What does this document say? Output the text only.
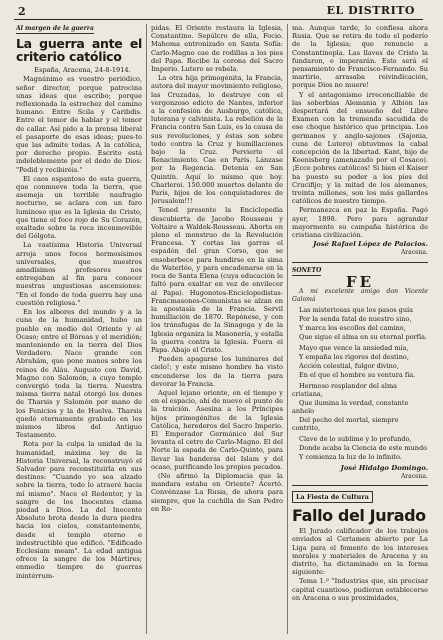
2	EL DISTRITO
Al margen de la guerra
La guerra ante el criterio católico

España, Aracena, 24-8-1914.

Magnánimo es vuestro periódico, señor director, porque patrocina unas ideas que escribo; porque reflexionada la estrechez del camino humano. Entre Scila y Caribdis. Entre el temor de hablar y el temor de callar. Así pido a la prensa liberal el pasaporte de esas ideas; pues-to que las admite todas. A la católica, por derecho propio. Escrito está indeleblemente por el dedo de Dios: "Pedid y recibiréis."

El caos espantoso de esta guerra, que conmueve toda la tierra, que asemeja un terrible naufragio nocturno, se aclara con un faro luminoso que es la Iglesia de Cristo, que tiene el foco rojo de Su Corazón, exaltado sobre la roca inconmovible del Gólgota.

La vastísima Historia Universal arroja unos focos hermosísimos universales, que nuestros amadísimos profesores nos entregaban al fin para conocer nuestras angustiosas ascensiones: "En el fondo de toda guerra hay una cuestión religiosa."

En los albores del mundo y a la cuna de la humanidad, hubo un pueblo en medio del Oriente y el Ocaso; entre el Bóreas y el meridión; manteniendo en la tierra del Dios Verdadero. Nace grande con Abrahám, que pone manos sobre los reinos de Aláu. Augusto con David, Magno con Salomón, a cuyo templo convergió toda la tierra. Nuestra misma tierra natal otorgó los dones de Tharsis y Salomón por mano de los Fenicios y la de Huelva. Tharsis quedó eternamente grabado en los mismos libros del Antiguo Testamento.

Rota por la culpa la unidad de la humanidad, máxima ley de la Historia Universal, la reconstruyó el Salvador para reconstituirla en sus destinos: "Cuando yo sea alzado sobre la tierra, todo lo atraeré hacia mí mismo". Nace el Redentor, y la sangre de los Inocentes clama piedad a Dios. La del Inocente Absoluto brota desde la dura piedra hacia los cielos, constantemente, desde el templo eterno e indestructible que edificó. "Edificado Ecclesiam meam". La edad antigua ofrece la sangre de los Mártires; enmedio tiempre de guerras inintérrum-

pidas. El Oriente restaura la Iglesia, Constantino. Sepúlcro de ella, Focio. Mahoma entronizado en Santa Sofía: Carlo-Magno cae de rodillas a los pies del Papa. Recibe la corona del Sacro Imperio. Lutero se rebela.

La otra hija primogénita, la Francia, autora del mayor movimiento religioso, las Cruzadas, lo destruye con el vergonzoso edicto de Nantes, inferior a la confesión de Ausburgo, católica, luterana y calvinista. La rebelión de la Francia contra San Luis, es la causa de sus revoluciones, y éstas son sobre todo contra la Cruz y humillaciones bajo la Cruz. Pervierte el Renacimiento. Cae en París. Lánzase por la Regencia. Detenía en San Quintín. Aquí lo mismo que hoy. Charleroi. 150.000 muertos delante de París, hijos de los conquistadores de Jerusalem!!!

Tened presente la Enciclopedia descubierta de Jacobo Rousseau y Voltaire a Waldek-Rousseau. Aborta en pleno el monstruo de la Revolución Francesa. Y cortas las garras el espadón del gran Corso, que se ensoberbece para hundirse en la sima de Waterlóo, y para encadenarse en la roca de Santa Elena (cuya educación le faltó para exaltar en vez de envilecer al Papa). Hugonotes-Enciclopedistas-Francmasones-Comunistas se alzan en la apostasía de la Francia. Servil humillación de 1870. Repónese, y con los tránsfugas de la Sinagoga y de la Iglesia organiza la Masonería, y estalla la guerra contra la Iglesia. Fuera el Papa. Abajo el Cristo.

Pueden apagarse los luminares del cielo!; y este mismo hombre ha visto encenderse los de la tierra para devorar la Francia.

Aquel lejano oriente, en el tiempo y en el espacio, ahí de nuevo el punto de la traición. Asesina a los Príncipes hijos primogénitos de la Iglesia Católica, herederos del Sacro Imperio. El Emperador Germánico del Sur levanta el cetro de Carlo-Magno. El del Norte la espada de Carlo-Quinto, para llevar las banderas del Islam y del ocaso, purificando los propios pecados.

(No afirmó la Diplomacia que la mandara estaba en Oriente? Acertó. Convénzase La Rusia, de ahora para siempre, que la cuchilla de San Pedro en Ro-

ma. Aunque tarde, lo confiesa ahora Rusia. Que se retira de todo el poderío de la Iglesia; que renuncie a Constantinopla. Las llaves de Cristo la fundaron, e imperarán. Este será el pensamiento de Francisco-Fernando. Su martirio, arrasaba reivindicación, porque Dios no muere!

Y el antagonismo irreconciliable de las soberbias Alemania y Albión las despertará del ensueño del Libre Examen con la tremenda sacudida de ese choque histórico que principia. Los germanos y anglo-sajones (Sajonia, cuna de Lutero) obtuvimos la cabal concepción de la libertad. Kant, hijo de Koenisberg (amenazado por el Cosaco). ¡Ecce pobres católicos! Si bien el Kaiser ha puesto su poder a los pies del Crucifijo; y la mitad de los alemanes, treinta millones, son los más gallardos católicos de nuestro tiempo.

Permanezca en paz la España. Pagó ayer, 1898. Pero para agrandar mayormente su campaña histórica de cristiana civilización.

José Rafael López de Palacios.

Aracena.
SONETO
FE

A mi excelente amigo don Vicente Galomá

Las misteriosas que los pasos guía

Por la senda fatal de nuestro sino,

Y marca los escollos del camino,

Que sigue el alma en su eternal porfía.

Mayo que vence la ansiedad mía,

Y empaña los rigores del destino,

Acción celestial, fulgor divino,

En el que el hombre su ventura fía.

Hermoso resplandor del alma cristiana,

Que ilumina la verdad, constante anhelo

Del pecho del mortal, siempre contrito,

Clave de lo sublime y lo profundo,

Donde acaba la Ciencia de este mundo

Y comienza la luz de lo infinito.

José Hidalgo Domingo.

Aracena.
La Fiesta de Cultura
Fallo del Jurado

El Jurado calificador de los trabajos enviados al Certamen abierto por La Liga para el fomento de los intereses morales y materiales de Aracena y su distrito, ha dictaminado en la forma siguiente:

Tema 1.º "Industrias que, sin precisar capital cuantioso, pudieran establecerse en Aracena o sus proximidades,
